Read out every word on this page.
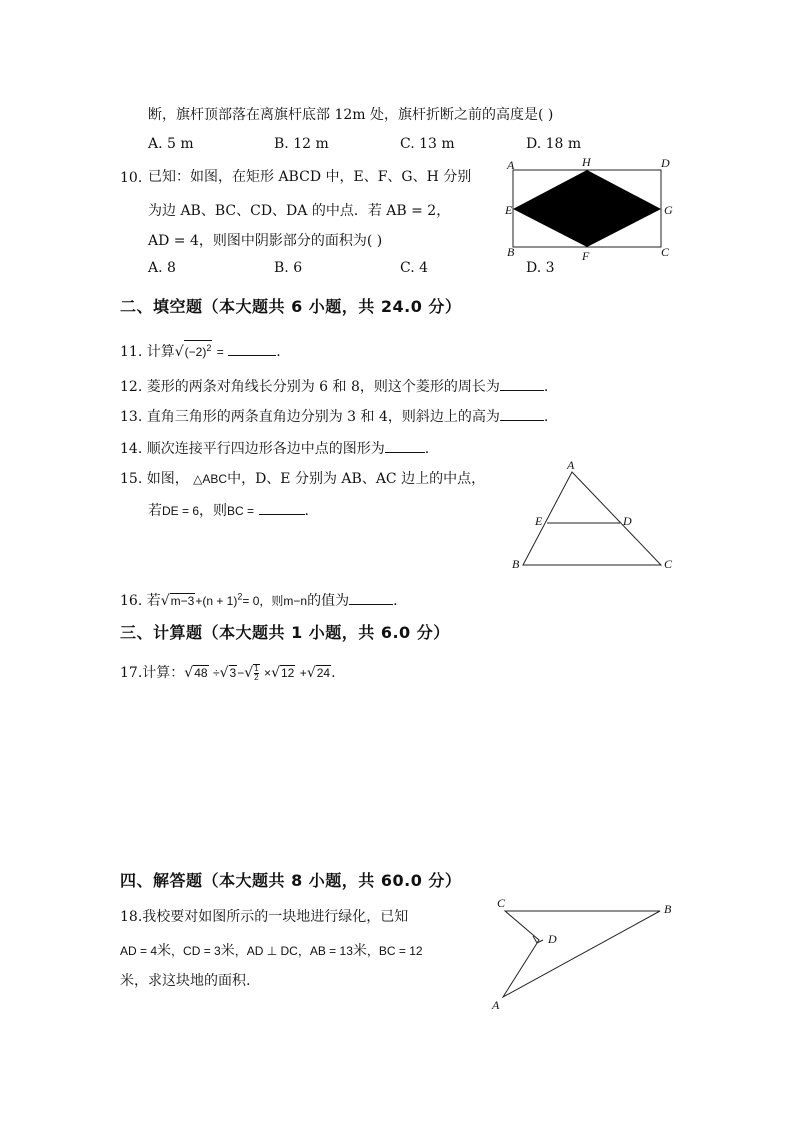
断，旗杆顶部落在离旗杆底部 12m 处，旗杆折断之前的高度是( )
A. 5 m	B. 12 m	C. 13 m	D. 18 m
10. 已知：如图，在矩形 ABCD 中，E、F、G、H 分别
为边 AB、BC、CD、DA 的中点．若 AB = 2，
AD = 4，则图中阴影部分的面积为( )
A. 8	B. 6	C. 4	D. 3
A	H	D
E	G
B	F	C
二、填空题（本大题共 6 小题，共 24.0 分）
11. 计算$√(-2)^2$ =	.
12. 菱形的两条对角线长分别为 6 和 8，则这个菱形的周长为	.
13. 直角三角形的两条直角边分别为 3 和 4，则斜边上的高为	.
14. 顺次连接平行四边形各边中点的图形为	.
15. 如图， △ABC中，D、E 分别为 AB、AC 边上的中点，
若DE = 6，则BC =	.
A
E	D
B	C
16. 若$√m-3+(n + 1)^2= 0$，则m−n的值为	.
三、计算题（本大题共 1 小题，共 6.0 分）
17.计算：$√48 \div√3-√ \frac{1}{2} \times√12 +√24$.
四、解答题（本大题共 8 小题，共 60.0 分）
18.我校要对如图所示的一块地进行绿化，已知
AD = 4米，CD = 3米，AD ⊥ DC，AB = 13米，BC = 12
米，求这块地的面积.
C	B
D
A
